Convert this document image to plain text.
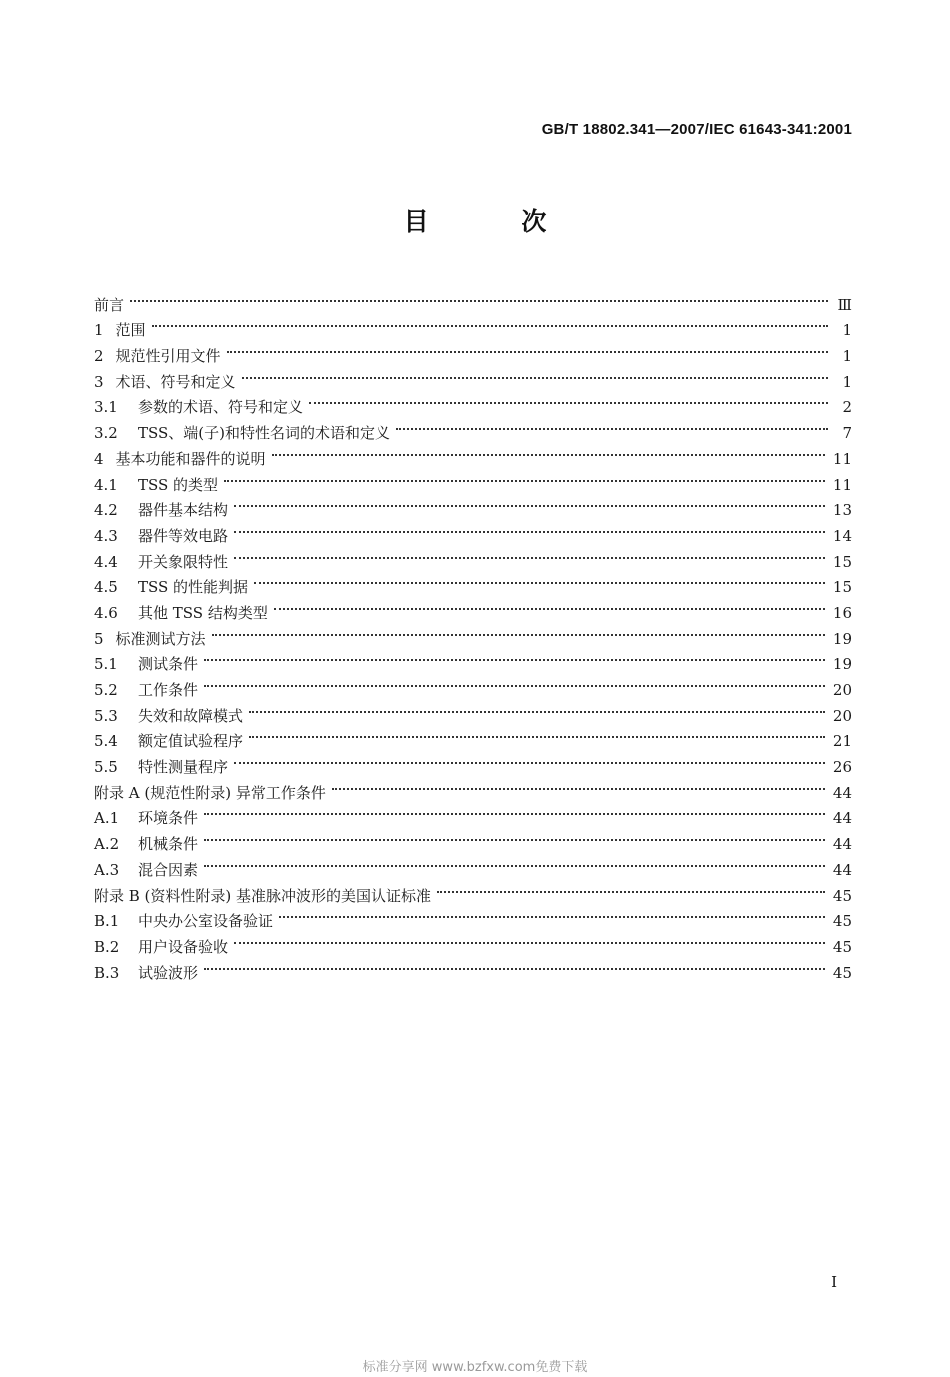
GB/T 18802.341—2007/IEC 61643-341:2001
目 次
前言	Ⅲ
1 范围	1
2 规范性引用文件	1
3 术语、符号和定义	1
3.1	参数的术语、符号和定义	2
3.2	TSS、端(子)和特性名词的术语和定义	7
4 基本功能和器件的说明	11
4.1	TSS 的类型	11
4.2	器件基本结构	13
4.3	器件等效电路	14
4.4	开关象限特性	15
4.5	TSS 的性能判据	15
4.6	其他 TSS 结构类型	16
5 标准测试方法	19
5.1	测试条件	19
5.2	工作条件	20
5.3	失效和故障模式	20
5.4	额定值试验程序	21
5.5	特性测量程序	26
附录 A (规范性附录) 异常工作条件	44
A.1	环境条件	44
A.2	机械条件	44
A.3	混合因素	44
附录 B (资料性附录) 基准脉冲波形的美国认证标准	45
B.1	中央办公室设备验证	45
B.2	用户设备验收	45
B.3	试验波形	45
I
标准分享网 www.bzfxw.com免费下载
